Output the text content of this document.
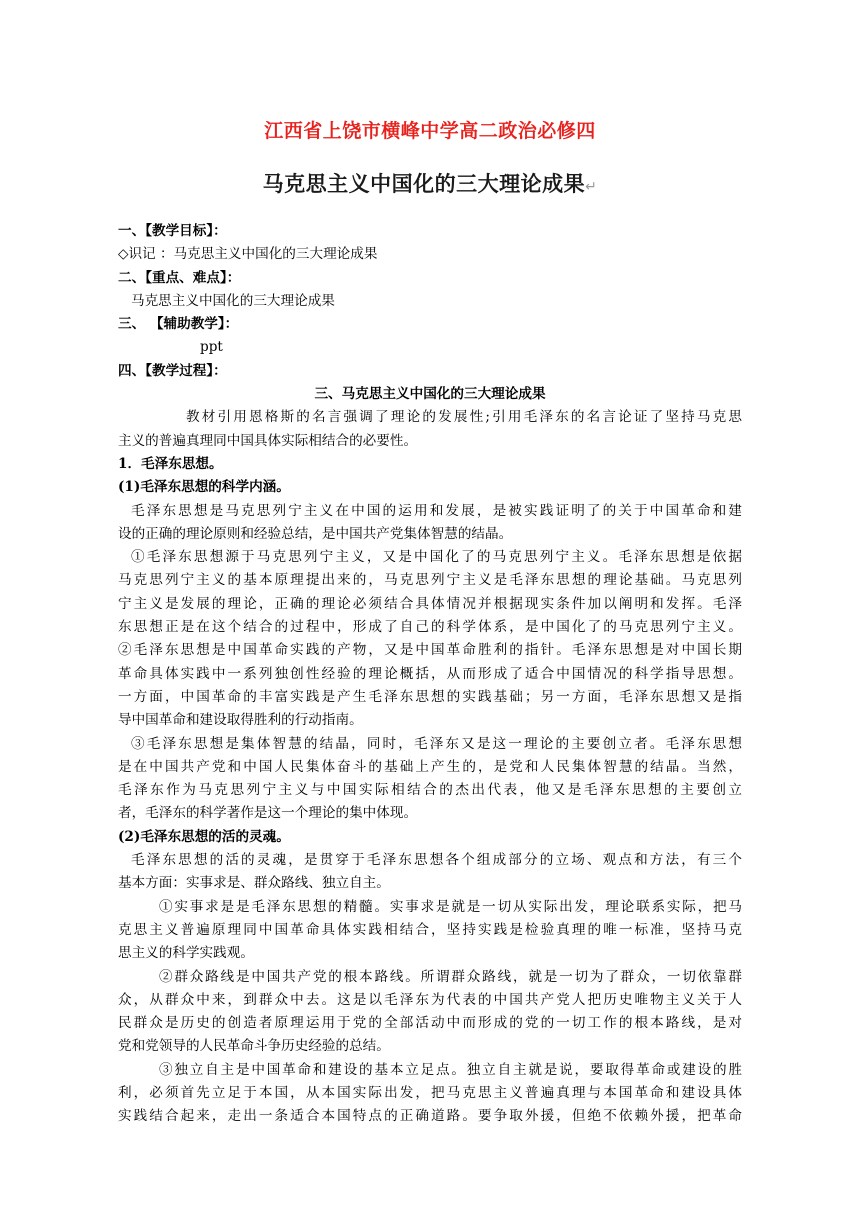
江西省上饶市横峰中学高二政治必修四
马克思主义中国化的三大理论成果↵
一、【教学目标】：
◇识记 ：马克思主义中国化的三大理论成果
二、【重点、难点】：
马克思主义中国化的三大理论成果
三、 【辅助教学】：
ppt
四、【教学过程】：
三、马克思主义中国化的三大理论成果
教材引用恩格斯的名言强调了理论的发展性;引用毛泽东的名言论证了坚持马克思
主义的普遍真理同中国具体实际相结合的必要性。
1．毛泽东思想。
(1)毛泽东思想的科学内涵。
毛泽东思想是马克思列宁主义在中国的运用和发展，是被实践证明了的关于中国革命和建
设的正确的理论原则和经验总结，是中国共产党集体智慧的结晶。
①毛泽东思想源于马克思列宁主义，又是中国化了的马克思列宁主义。毛泽东思想是依据
马克思列宁主义的基本原理提出来的，马克思列宁主义是毛泽东思想的理论基础。马克思列
宁主义是发展的理论，正确的理论必须结合具体情况并根据现实条件加以阐明和发挥。毛泽
东思想正是在这个结合的过程中，形成了自己的科学体系，是中国化了的马克思列宁主义。
②毛泽东思想是中国革命实践的产物，又是中国革命胜利的指针。毛泽东思想是对中国长期
革命具体实践中一系列独创性经验的理论概括，从而形成了适合中国情况的科学指导思想。
一方面，中国革命的丰富实践是产生毛泽东思想的实践基础；另一方面，毛泽东思想又是指
导中国革命和建设取得胜利的行动指南。
③毛泽东思想是集体智慧的结晶，同时，毛泽东又是这一理论的主要创立者。毛泽东思想
是在中国共产党和中国人民集体奋斗的基础上产生的，是党和人民集体智慧的结晶。当然，
毛泽东作为马克思列宁主义与中国实际相结合的杰出代表，他又是毛泽东思想的主要创立
者，毛泽东的科学著作是这一个理论的集中体现。
(2)毛泽东思想的活的灵魂。
毛泽东思想的活的灵魂，是贯穿于毛泽东思想各个组成部分的立场、观点和方法，有三个
基本方面：实事求是、群众路线、独立自主。
①实事求是是毛泽东思想的精髓。实事求是就是一切从实际出发，理论联系实际，把马
克思主义普遍原理同中国革命具体实践相结合，坚持实践是检验真理的唯一标准，坚持马克
思主义的科学实践观。
②群众路线是中国共产党的根本路线。所谓群众路线，就是一切为了群众，一切依靠群
众，从群众中来，到群众中去。这是以毛泽东为代表的中国共产党人把历史唯物主义关于人
民群众是历史的创造者原理运用于党的全部活动中而形成的党的一切工作的根本路线，是对
党和党领导的人民革命斗争历史经验的总结。
③独立自主是中国革命和建设的基本立足点。独立自主就是说，要取得革命或建设的胜
利，必须首先立足于本国，从本国实际出发，把马克思主义普遍真理与本国革命和建设具体
实践结合起来，走出一条适合本国特点的正确道路。要争取外援，但绝不依赖外援，把革命
